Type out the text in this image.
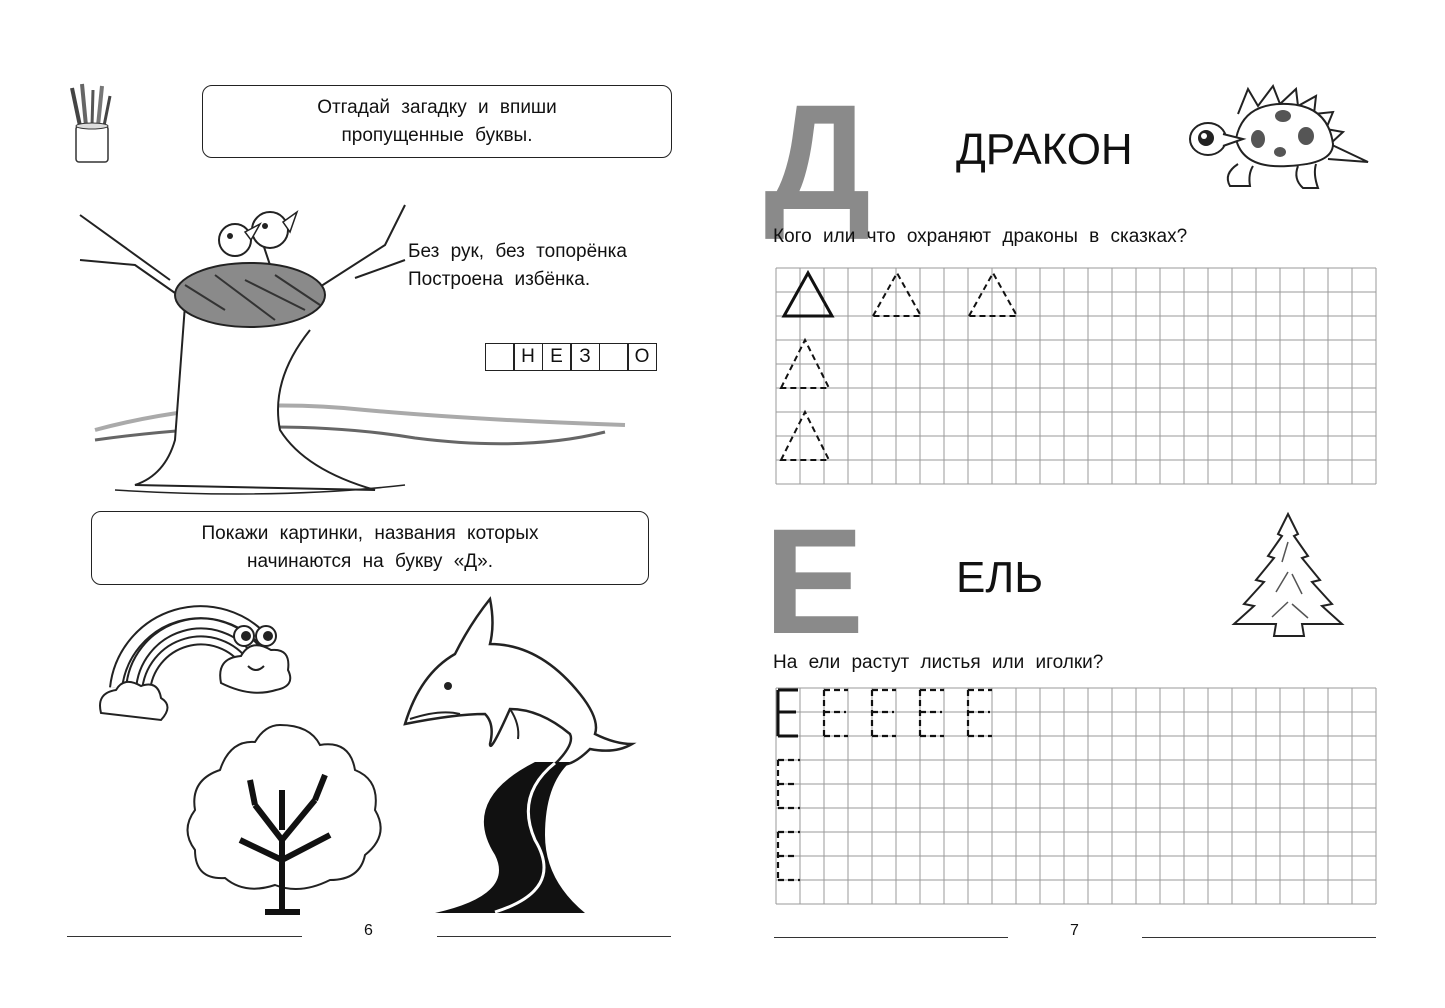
Отгадай загадку и впиши
пропущенные буквы.
Без рук, без топорёнка
Построена избёнка.
Н Е З	О
Покажи картинки, названия которых
начинаются на букву «Д».
6
Д ДРАКОН
Кого или что охраняют драконы в сказках?
Е ЕЛЬ
На ели растут листья или иголки?
7
